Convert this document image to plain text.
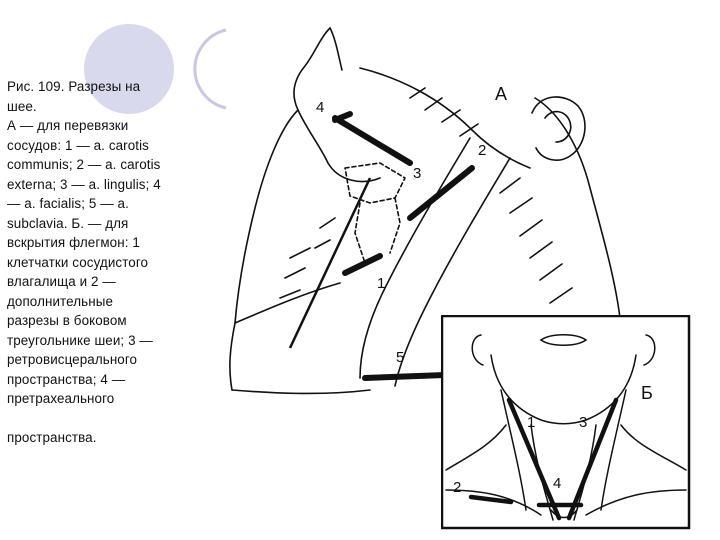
Рис. 109. Разрезы на
шее.
А — для перевязки
сосудов: 1 — a. carotis
communis; 2 — a. carotis
externa; 3 — a. lingulis; 4
— a. facialis; 5 — a.
subclavia. Б. — для
вскрытия флегмон: 1
клетчатки сосудистого
влагалища и 2 —
дополнительные
разрезы в боковом
треугольнике шеи; 3 —
ретровисцерального
пространства; 4 —
претрахеального
пространства.
А
1
2
3
4
5
1
2
3
4
Б
